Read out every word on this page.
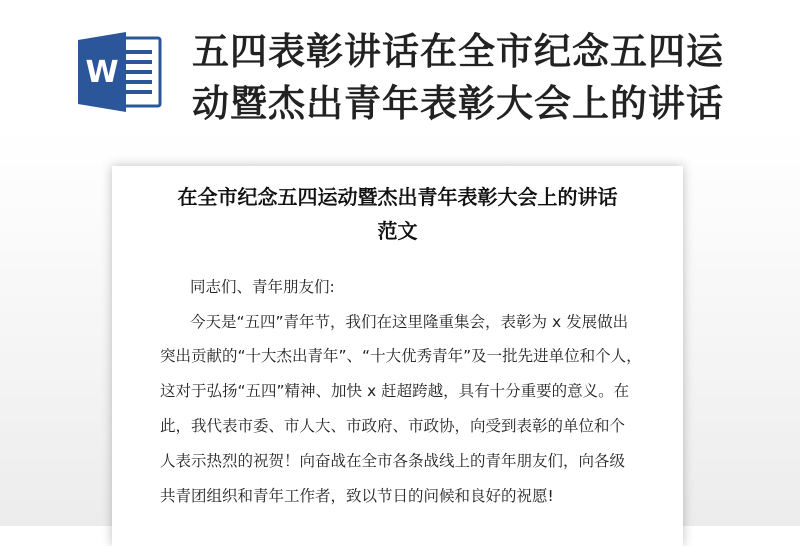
W 五四表彰讲话在全市纪念五四运
动暨杰出青年表彰大会上的讲话
在全市纪念五四运动暨杰出青年表彰大会上的讲话
范文
同志们、青年朋友们:
今天是“五四”青年节，我们在这里隆重集会，表彰为 x 发展做出
突出贡献的“十大杰出青年”、“十大优秀青年”及一批先进单位和个人，
这对于弘扬“五四”精神、加快 x 赶超跨越，具有十分重要的意义。在
此，我代表市委、市人大、市政府、市政协，向受到表彰的单位和个
人表示热烈的祝贺！向奋战在全市各条战线上的青年朋友们，向各级
共青团组织和青年工作者，致以节日的问候和良好的祝愿!
